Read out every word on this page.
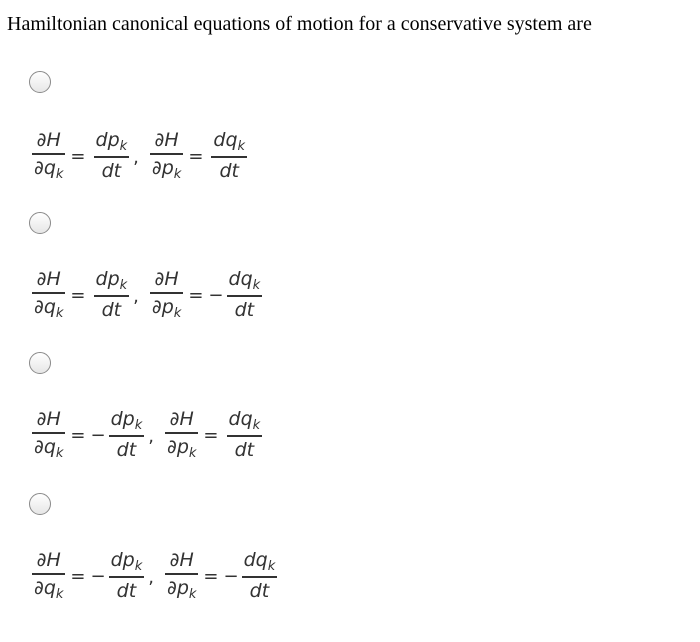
Hamiltonian canonical equations of motion for a conservative system are
$\frac{\partial H}{\partial q_k} = \frac{dp_k}{dt}$ , $\frac{\partial H}{\partial p_k} = \frac{dq_k}{dt}$
$\frac{\partial H}{\partial q_k} = \frac{dp_k}{dt}$ , $\frac{\partial H}{\partial p_k}$ = − $\frac{dq_k}{dt}$
$\frac{\partial H}{\partial q_k}$ = − $\frac{dp_k}{dt}$ , $\frac{\partial H}{\partial p_k} = \frac{dq_k}{dt}$
$\frac{\partial H}{\partial q_k}$ = − $\frac{dp_k}{dt}$ , $\frac{\partial H}{\partial p_k}$ = − $\frac{dq_k}{dt}$
